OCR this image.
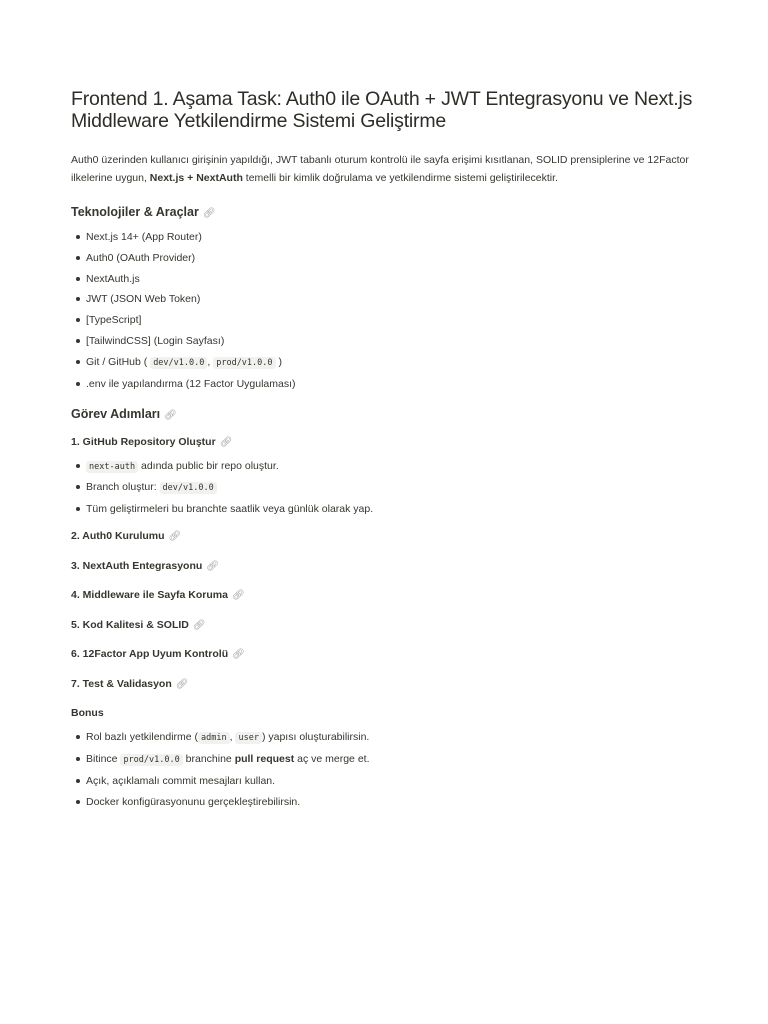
Frontend 1. Aşama Task: Auth0 ile OAuth + JWT Entegrasyonu ve Next.js Middleware Yetkilendirme Sistemi Geliştirme

Auth0 üzerinden kullanıcı girişinin yapıldığı, JWT tabanlı oturum kontrolü ile sayfa erişimi kısıtlanan, SOLID prensiplerine ve 12Factor ilkelerine uygun, Next.js + NextAuth temelli bir kimlik doğrulama ve yetkilendirme sistemi geliştirilecektir.

Teknolojiler & Araçlar 🔗︎
Next.js 14+ (App Router)
Auth0 (OAuth Provider)
NextAuth.js
JWT (JSON Web Token)
[TypeScript]
[TailwindCSS] (Login Sayfası)
Git / GitHub ( dev/v1.0.0 , prod/v1.0.0 )
.env ile yapılandırma (12 Factor Uygulaması)
Görev Adımları 🔗︎
1. GitHub Repository Oluştur 🔗︎
next-auth adında public bir repo oluştur.
Branch oluştur: dev/v1.0.0
Tüm geliştirmeleri bu branchte saatlik veya günlük olarak yap.
2. Auth0 Kurulumu 🔗︎
3. NextAuth Entegrasyonu 🔗︎
4. Middleware ile Sayfa Koruma 🔗︎
5. Kod Kalitesi & SOLID 🔗︎
6. 12Factor App Uyum Kontrolü 🔗︎
7. Test & Validasyon 🔗︎
Bonus
Rol bazlı yetkilendirme ( admin , user ) yapısı oluşturabilirsin.
Bitince prod/v1.0.0 branchine pull request aç ve merge et.
Açık, açıklamalı commit mesajları kullan.
Docker konfigürasyonunu gerçekleştirebilirsin.
